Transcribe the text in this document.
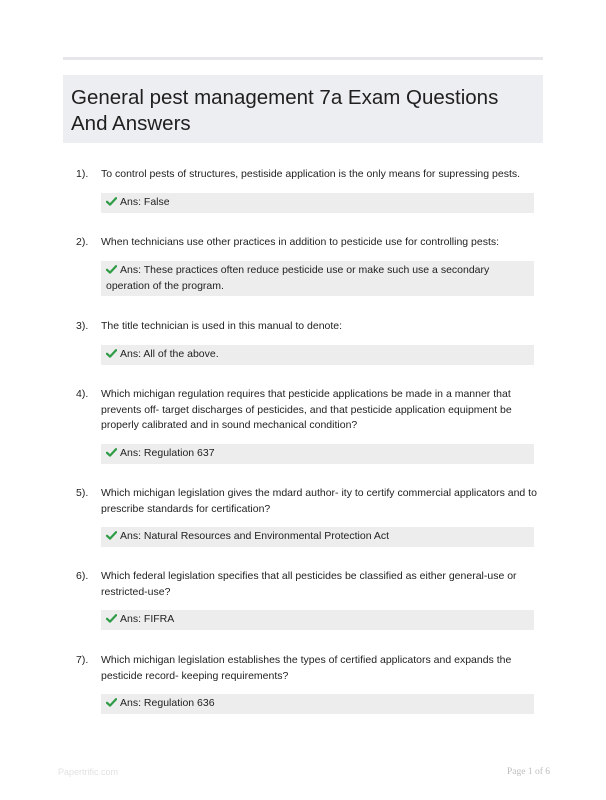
General pest management 7a Exam Questions And Answers
1). To control pests of structures, pestiside application is the only means for supressing pests.

Ans: False
2). When technicians use other practices in addition to pesticide use for controlling pests:

Ans: These practices often reduce pesticide use or make such use a secondary operation of the program.
3). The title technician is used in this manual to denote:

Ans: All of the above.
4). Which michigan regulation requires that pesticide applications be made in a manner that prevents off- target discharges of pesticides, and that pesticide application equipment be properly calibrated and in sound mechanical condition?

Ans: Regulation 637
5). Which michigan legislation gives the mdard author- ity to certify commercial applicators and to prescribe standards for certification?

Ans: Natural Resources and Environmental Protection Act
6). Which federal legislation specifies that all pesticides be classified as either general-use or restricted-use?

Ans: FIFRA
7). Which michigan legislation establishes the types of certified applicators and expands the pesticide record- keeping requirements?

Ans: Regulation 636
Papertrific.com	Page 1 of 6
